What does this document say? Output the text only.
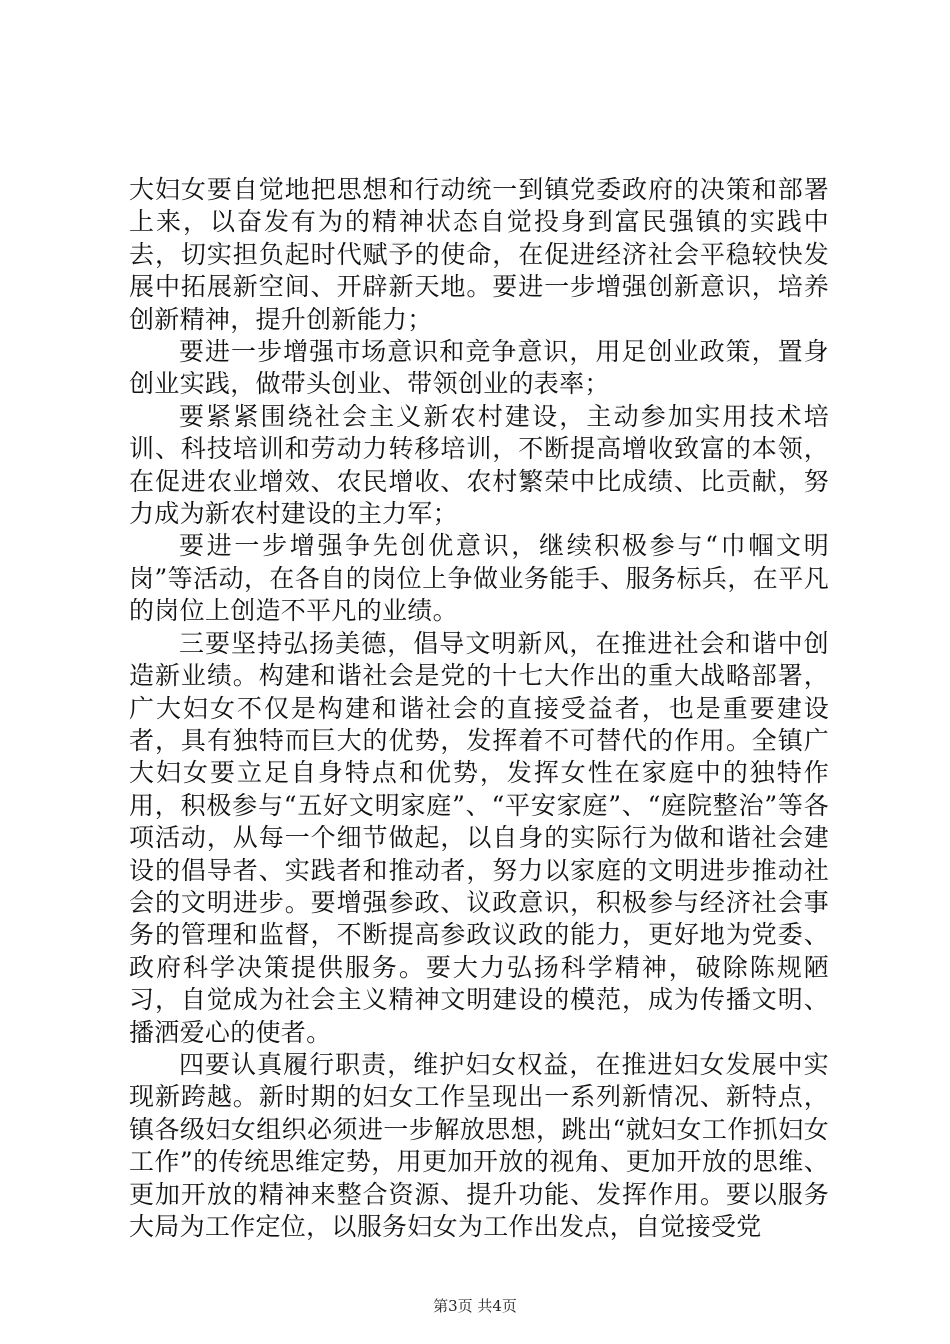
大妇女要自觉地把思想和行动统一到镇党委政府的决策和部署上来，以奋发有为的精神状态自觉投身到富民强镇的实践中去，切实担负起时代赋予的使命，在促进经济社会平稳较快发展中拓展新空间、开辟新天地。要进一步增强创新意识，培养创新精神，提升创新能力；

要进一步增强市场意识和竞争意识，用足创业政策，置身创业实践，做带头创业、带领创业的表率；

要紧紧围绕社会主义新农村建设，主动参加实用技术培训、科技培训和劳动力转移培训，不断提高增收致富的本领，在促进农业增效、农民增收、农村繁荣中比成绩、比贡献，努力成为新农村建设的主力军；

要进一步增强争先创优意识，继续积极参与“巾帼文明岗”等活动，在各自的岗位上争做业务能手、服务标兵，在平凡的岗位上创造不平凡的业绩。

三要坚持弘扬美德，倡导文明新风，在推进社会和谐中创造新业绩。构建和谐社会是党的十七大作出的重大战略部署，广大妇女不仅是构建和谐社会的直接受益者，也是重要建设者，具有独特而巨大的优势，发挥着不可替代的作用。全镇广大妇女要立足自身特点和优势，发挥女性在家庭中的独特作用，积极参与“五好文明家庭”、“平安家庭”、“庭院整治”等各项活动，从每一个细节做起，以自身的实际行为做和谐社会建设的倡导者、实践者和推动者，努力以家庭的文明进步推动社会的文明进步。要增强参政、议政意识，积极参与经济社会事务的管理和监督，不断提高参政议政的能力，更好地为党委、政府科学决策提供服务。要大力弘扬科学精神，破除陈规陋习，自觉成为社会主义精神文明建设的模范，成为传播文明、播洒爱心的使者。

四要认真履行职责，维护妇女权益，在推进妇女发展中实现新跨越。新时期的妇女工作呈现出一系列新情况、新特点，镇各级妇女组织必须进一步解放思想，跳出“就妇女工作抓妇女工作”的传统思维定势，用更加开放的视角、更加开放的思维、更加开放的精神来整合资源、提升功能、发挥作用。要以服务大局为工作定位，以服务妇女为工作出发点，自觉接受党

第3页 共4页
